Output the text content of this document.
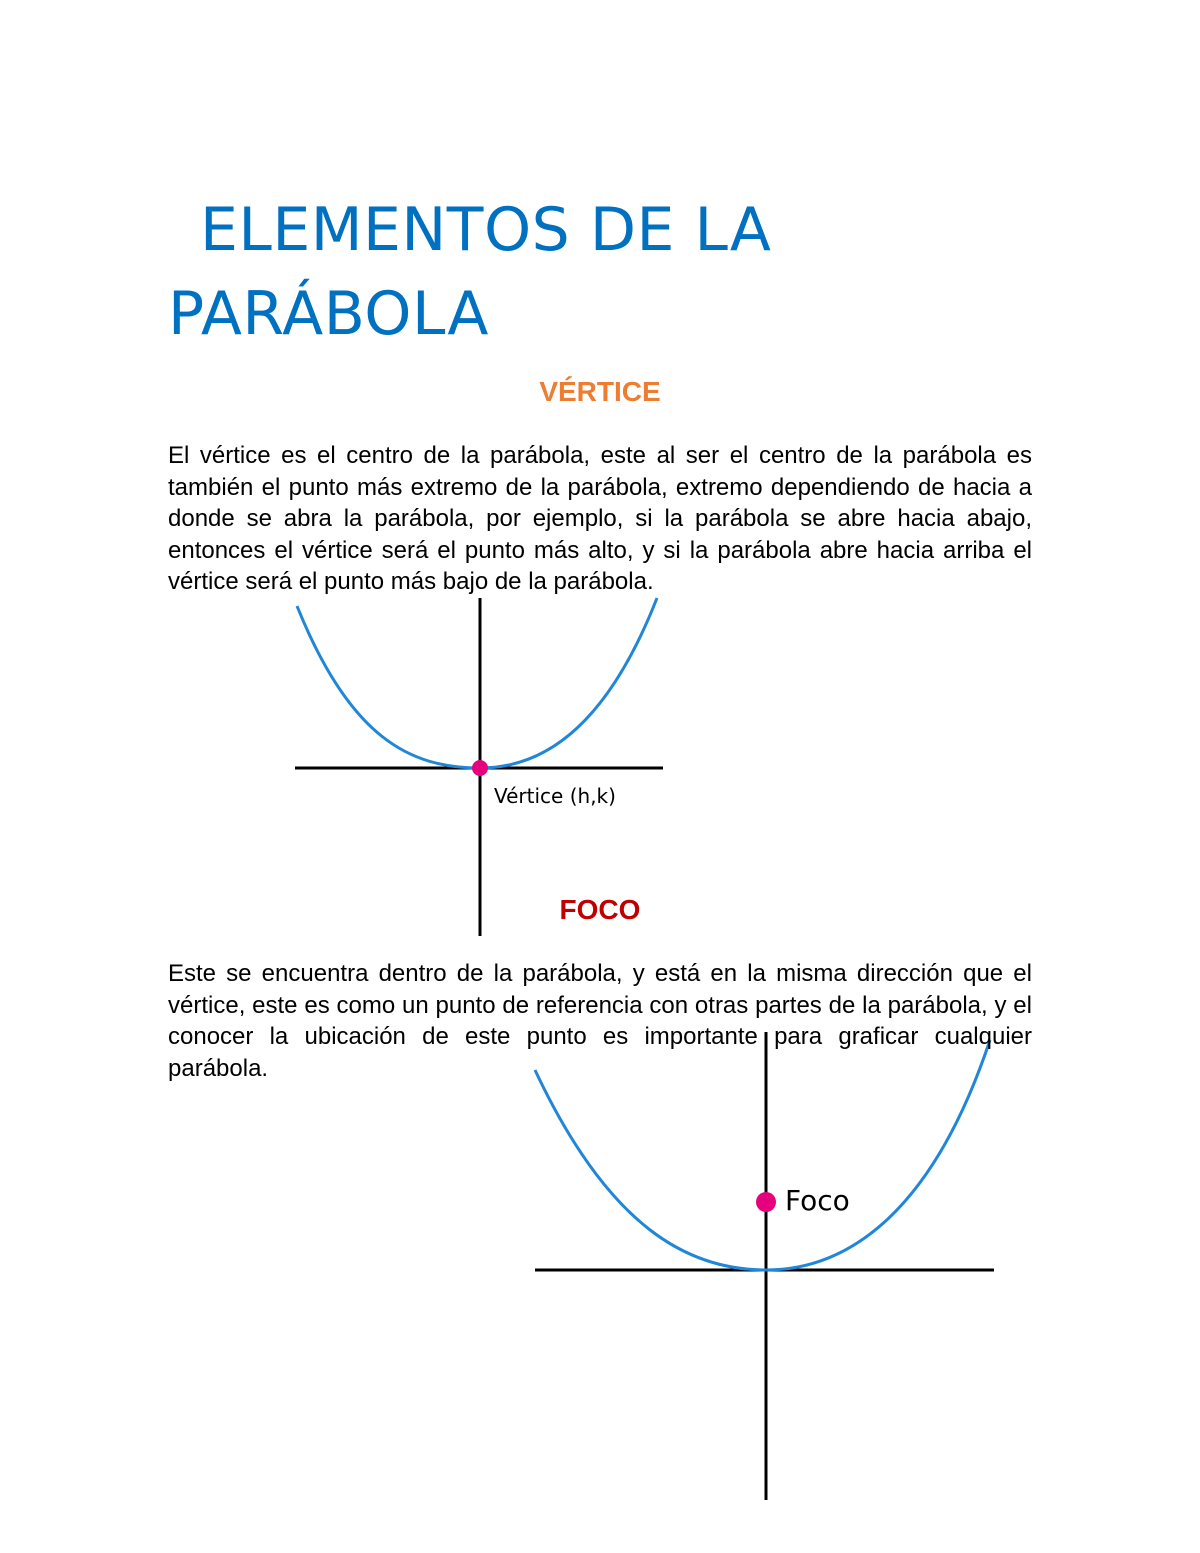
ELEMENTOS DE LA
PARÁBOLA
VÉRTICE

El vértice es el centro de la parábola, este al ser el centro de la parábola es también el punto más extremo de la parábola, extremo dependiendo de hacia a donde se abra la parábola, por ejemplo, si la parábola se abre hacia abajo, entonces el vértice será el punto más alto, y si la parábola abre hacia arriba el vértice será el punto más bajo de la parábola.

Vértice (h,k)
FOCO

Este se encuentra dentro de la parábola, y está en la misma dirección que el vértice, este es como un punto de referencia con otras partes de la parábola, y el conocer la ubicación de este punto es importante para graficar cualquier parábola.

Foco
